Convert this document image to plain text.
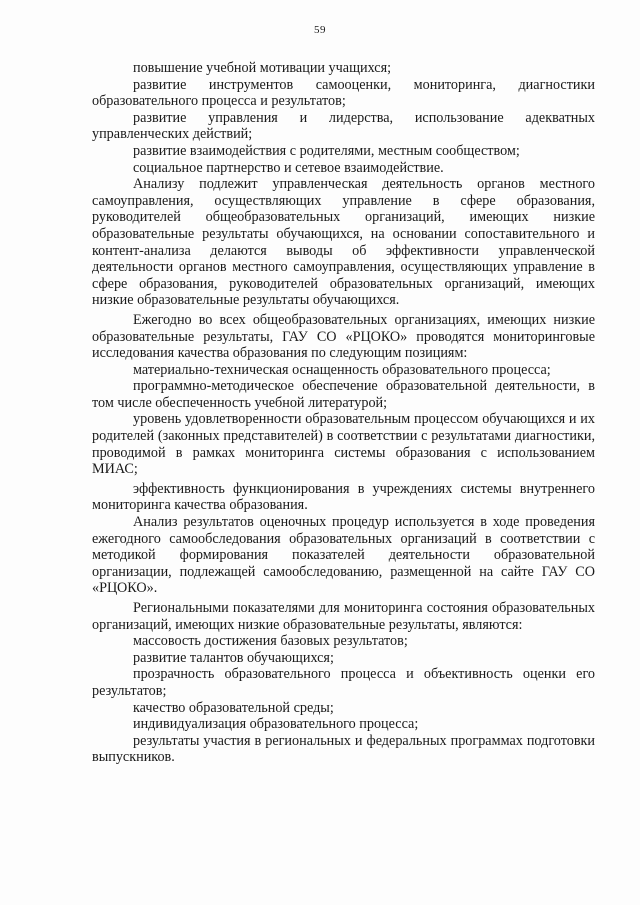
59

повышение учебной мотивации учащихся;

развитие инструментов самооценки, мониторинга, диагностики образовательного процесса и результатов;

развитие управления и лидерства, использование адекватных управленческих действий;

развитие взаимодействия с родителями, местным сообществом;

социальное партнерство и сетевое взаимодействие.

Анализу подлежит управленческая деятельность органов местного самоуправления, осуществляющих управление в сфере образования, руководителей общеобразовательных организаций, имеющих низкие образовательные результаты обучающихся, на основании сопоставительного и контент-анализа делаются выводы об эффективности управленческой деятельности органов местного самоуправления, осуществляющих управление в сфере образования, руководителей образовательных организаций, имеющих низкие образовательные результаты обучающихся.

Ежегодно во всех общеобразовательных организациях, имеющих низкие образовательные результаты, ГАУ СО «РЦОКО» проводятся мониторинговые исследования качества образования по следующим позициям:

материально-техническая оснащенность образовательного процесса;

программно-методическое обеспечение образовательной деятельности, в том числе обеспеченность учебной литературой;

уровень удовлетворенности образовательным процессом обучающихся и их родителей (законных представителей) в соответствии с результатами диагностики, проводимой в рамках мониторинга системы образования с использованием МИАС;

эффективность функционирования в учреждениях системы внутреннего мониторинга качества образования.

Анализ результатов оценочных процедур используется в ходе проведения ежегодного самообследования образовательных организаций в соответствии с методикой формирования показателей деятельности образовательной организации, подлежащей самообследованию, размещенной на сайте ГАУ СО «РЦОКО».

Региональными показателями для мониторинга состояния образовательных организаций, имеющих низкие образовательные результаты, являются:

массовость достижения базовых результатов;

развитие талантов обучающихся;

прозрачность образовательного процесса и объективность оценки его результатов;

качество образовательной среды;

индивидуализация образовательного процесса;

результаты участия в региональных и федеральных программах подготовки выпускников.
